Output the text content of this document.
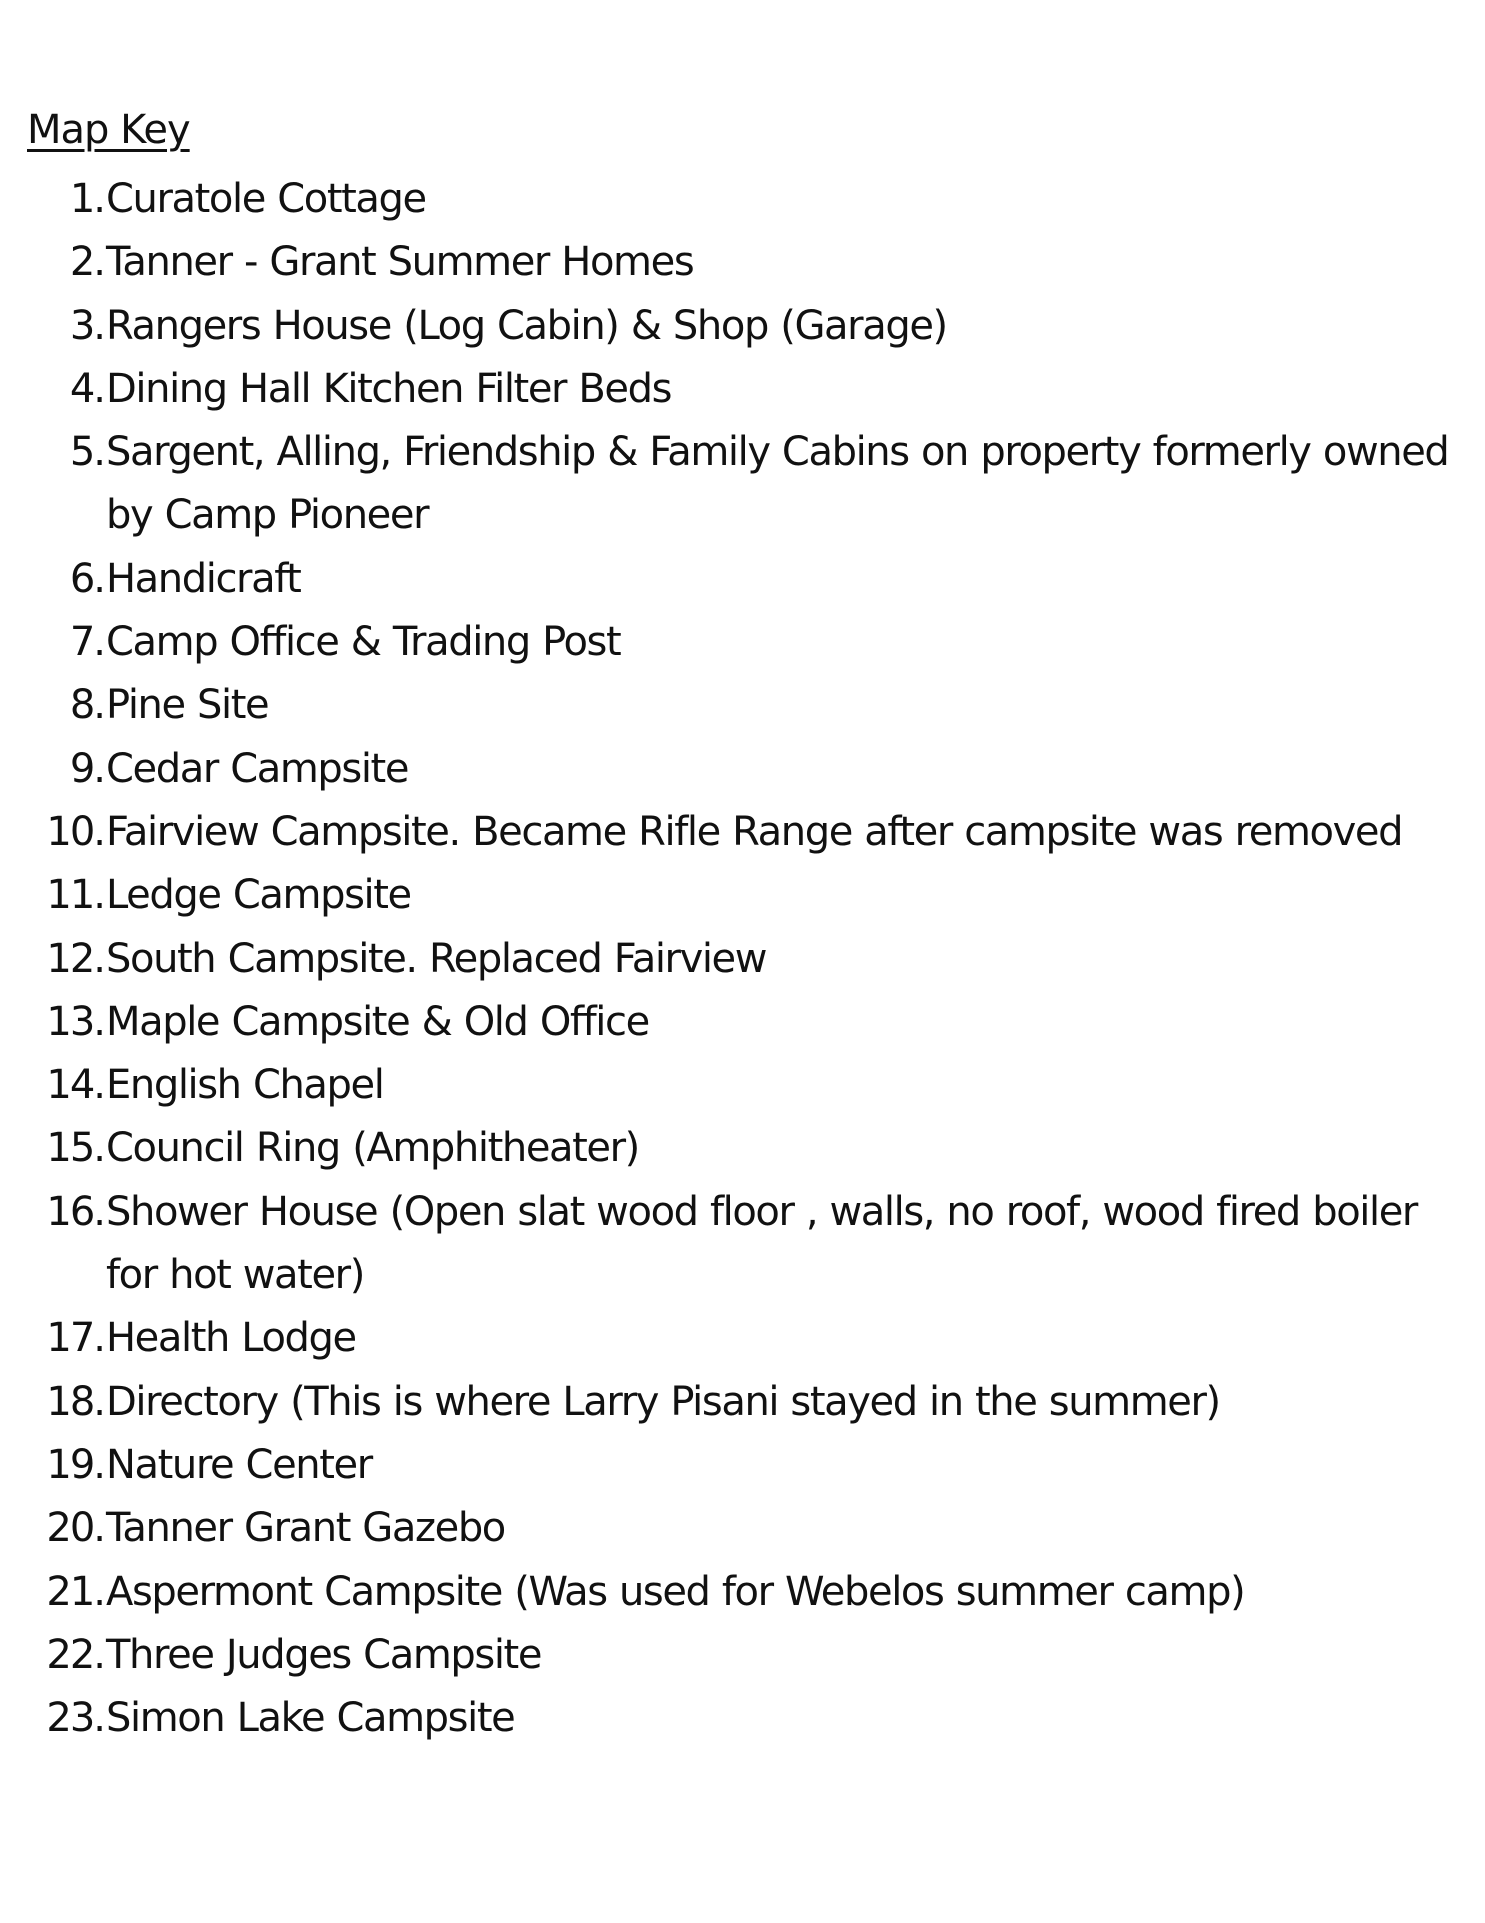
Map Key
1. Curatole Cottage
2. Tanner - Grant Summer Homes
3. Rangers House (Log Cabin) & Shop (Garage)
4. Dining Hall Kitchen Filter Beds
5. Sargent, Alling, Friendship & Family Cabins on property formerly owned by Camp Pioneer
6. Handicraft
7. Camp Office & Trading Post
8. Pine Site
9. Cedar Campsite
10. Fairview Campsite. Became Rifle Range after campsite was removed
11. Ledge Campsite
12. South Campsite. Replaced Fairview
13. Maple Campsite & Old Office
14. English Chapel
15. Council Ring (Amphitheater)
16. Shower House (Open slat wood floor , walls, no roof, wood fired boiler for hot water)
17. Health Lodge
18. Directory (This is where Larry Pisani stayed in the summer)
19. Nature Center
20. Tanner Grant Gazebo
21. Aspermont Campsite (Was used for Webelos summer camp)
22. Three Judges Campsite
23. Simon Lake Campsite
